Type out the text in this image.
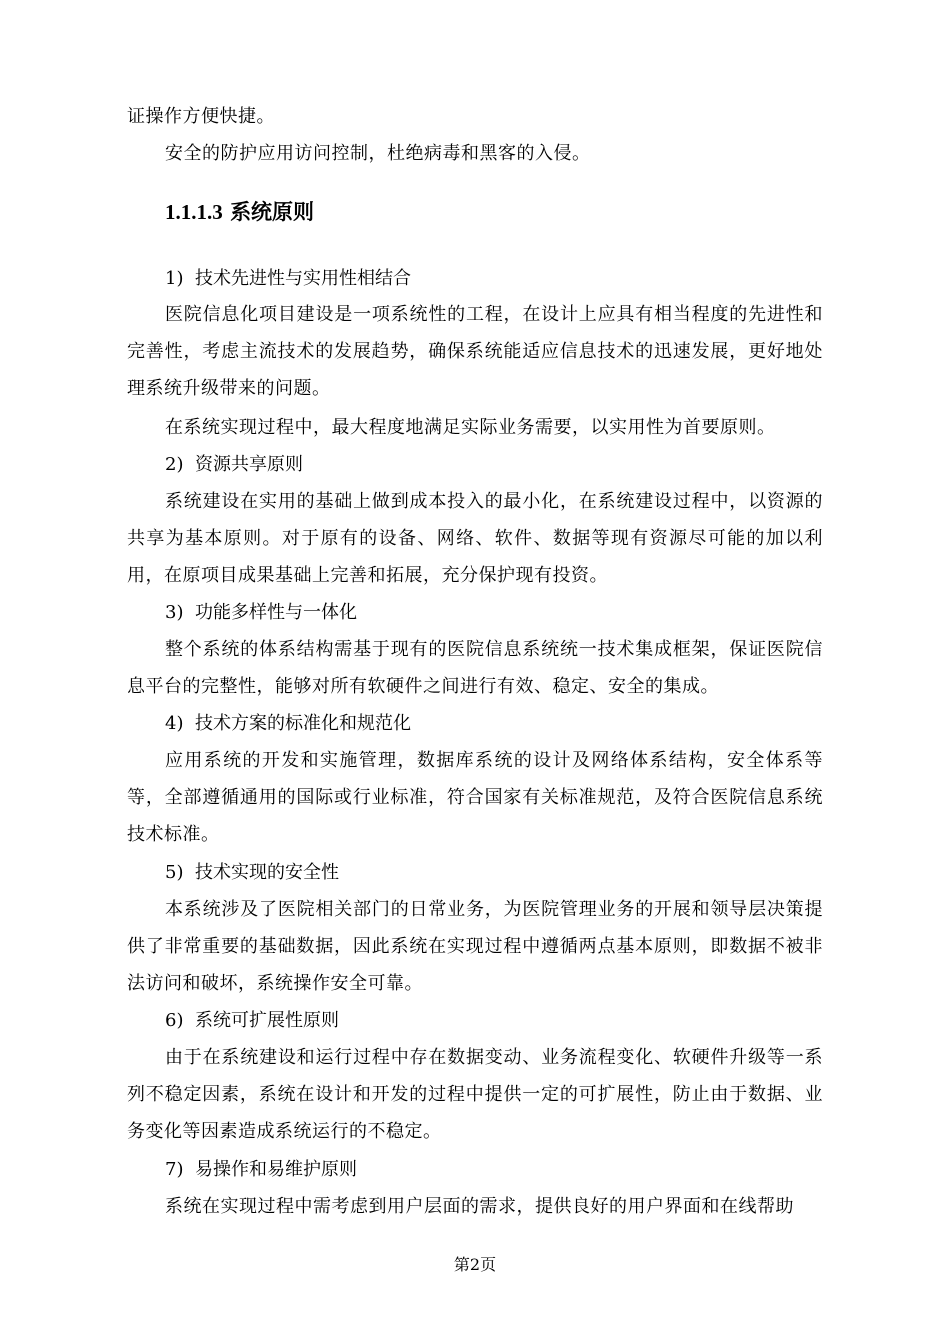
证操作方便快捷。

安全的防护应用访问控制，杜绝病毒和黑客的入侵。

1.1.1.3 系统原则

1) 技术先进性与实用性相结合

医院信息化项目建设是一项系统性的工程，在设计上应具有相当程度的先进性和完善性，考虑主流技术的发展趋势，确保系统能适应信息技术的迅速发展，更好地处理系统升级带来的问题。

在系统实现过程中，最大程度地满足实际业务需要，以实用性为首要原则。

2) 资源共享原则

系统建设在实用的基础上做到成本投入的最小化，在系统建设过程中，以资源的共享为基本原则。对于原有的设备、网络、软件、数据等现有资源尽可能的加以利用，在原项目成果基础上完善和拓展，充分保护现有投资。

3) 功能多样性与一体化

整个系统的体系结构需基于现有的医院信息系统统一技术集成框架，保证医院信息平台的完整性，能够对所有软硬件之间进行有效、稳定、安全的集成。

4) 技术方案的标准化和规范化

应用系统的开发和实施管理，数据库系统的设计及网络体系结构，安全体系等等，全部遵循通用的国际或行业标准，符合国家有关标准规范，及符合医院信息系统技术标准。

5) 技术实现的安全性

本系统涉及了医院相关部门的日常业务，为医院管理业务的开展和领导层决策提供了非常重要的基础数据，因此系统在实现过程中遵循两点基本原则，即数据不被非法访问和破坏，系统操作安全可靠。

6) 系统可扩展性原则

由于在系统建设和运行过程中存在数据变动、业务流程变化、软硬件升级等一系列不稳定因素，系统在设计和开发的过程中提供一定的可扩展性，防止由于数据、业务变化等因素造成系统运行的不稳定。

7) 易操作和易维护原则

系统在实现过程中需考虑到用户层面的需求，提供良好的用户界面和在线帮助

第2页
